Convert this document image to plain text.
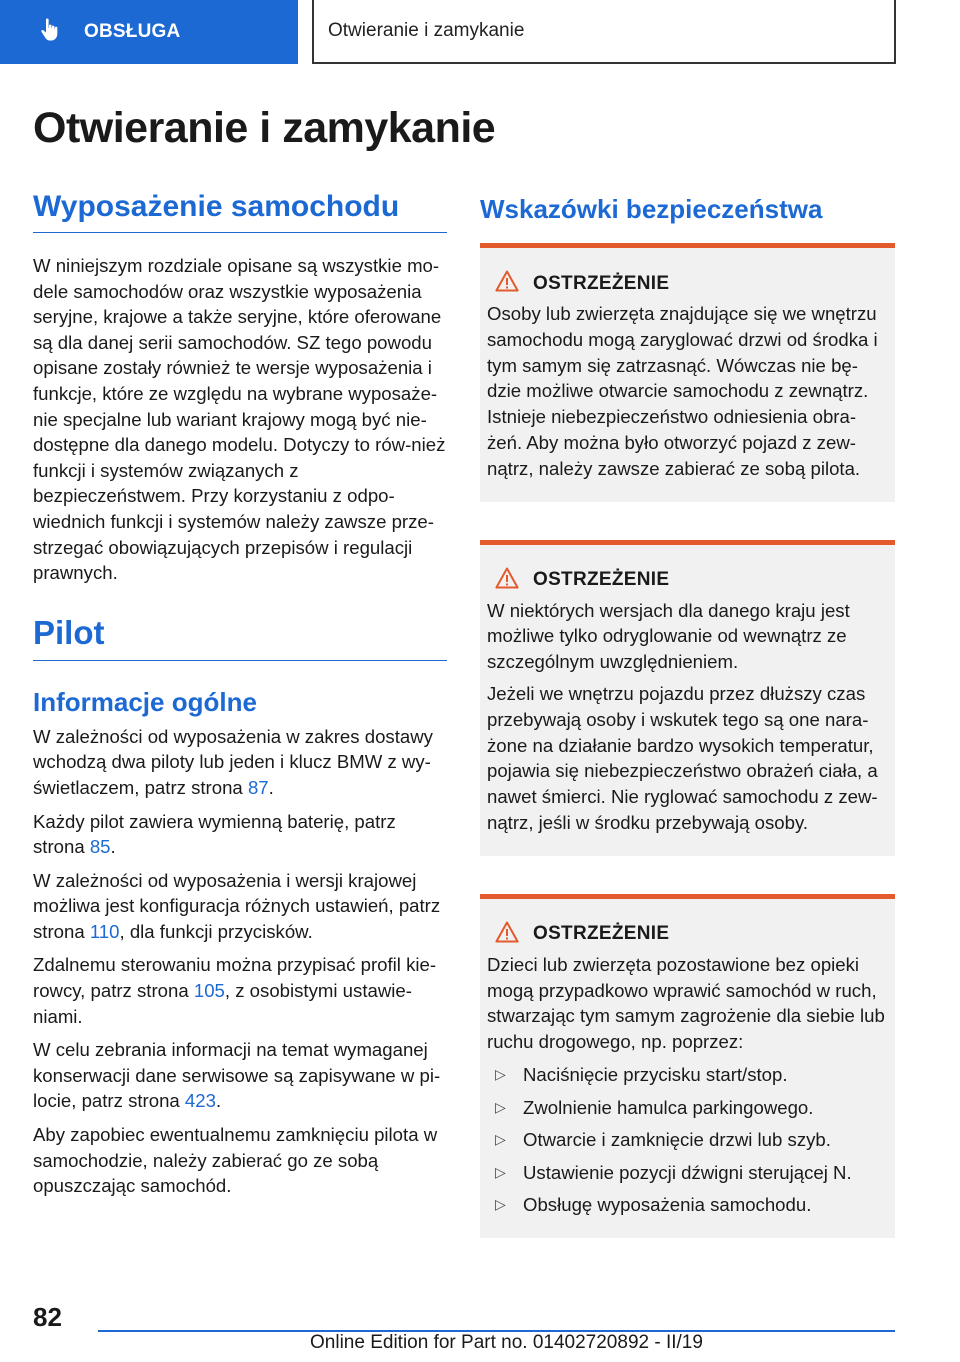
OBSŁUGA	Otwieranie i zamykanie
Otwieranie i zamykanie
Wyposażenie samochodu

W niniejszym rozdziale opisane są wszystkie mo-dele samochodów oraz wszystkie wyposażenia seryjne, krajowe a także seryjne, które oferowane są dla danej serii samochodów. SZ tego powodu opisane zostały również te wersje wyposażenia i funkcje, które ze względu na wybrane wyposaże-nie specjalne lub wariant krajowy mogą być nie-dostępne dla danego modelu. Dotyczy to rów-nież funkcji i systemów związanych z bezpieczeństwem. Przy korzystaniu z odpo-wiednich funkcji i systemów należy zawsze prze-strzegać obowiązujących przepisów i regulacji prawnych.

Pilot
Informacje ogólne

W zależności od wyposażenia w zakres dostawy wchodzą dwa piloty lub jeden i klucz BMW z wy-świetlaczem, patrz strona 87.

Każdy pilot zawiera wymienną baterię, patrz strona 85.

W zależności od wyposażenia i wersji krajowej możliwa jest konfiguracja różnych ustawień, patrz strona 110, dla funkcji przycisków.

Zdalnemu sterowaniu można przypisać profil kie-rowcy, patrz strona 105, z osobistymi ustawie-niami.

W celu zebrania informacji na temat wymaganej konserwacji dane serwisowe są zapisywane w pi-locie, patrz strona 423.

Aby zapobiec ewentualnemu zamknięciu pilota w samochodzie, należy zabierać go ze sobą opuszczając samochód.

Wskazówki bezpieczeństwa
OSTRZEŻENIE

Osoby lub zwierzęta znajdujące się we wnętrzu samochodu mogą zaryglować drzwi od środka i tym samym się zatrzasnąć. Wówczas nie bę-dzie możliwe otwarcie samochodu z zewnątrz. Istnieje niebezpieczeństwo odniesienia obra-żeń. Aby można było otworzyć pojazd z zew-nątrz, należy zawsze zabierać ze sobą pilota.

OSTRZEŻENIE

W niektórych wersjach dla danego kraju jest możliwe tylko odryglowanie od wewnątrz ze szczególnym uwzględnieniem.

Jeżeli we wnętrzu pojazdu przez dłuższy czas przebywają osoby i wskutek tego są one nara-żone na działanie bardzo wysokich temperatur, pojawia się niebezpieczeństwo obrażeń ciała, a nawet śmierci. Nie ryglować samochodu z zew-nątrz, jeśli w środku przebywają osoby.

OSTRZEŻENIE

Dzieci lub zwierzęta pozostawione bez opieki mogą przypadkowo wprawić samochód w ruch, stwarzając tym samym zagrożenie dla siebie lub ruchu drogowego, np. poprzez:

▷ Naciśnięcie przycisku start/stop.
▷ Zwolnienie hamulca parkingowego.
▷ Otwarcie i zamknięcie drzwi lub szyb.
▷ Ustawienie pozycji dźwigni sterującej N.
▷ Obsługę wyposażenia samochodu.
82
Online Edition for Part no. 01402720892 - II/19
